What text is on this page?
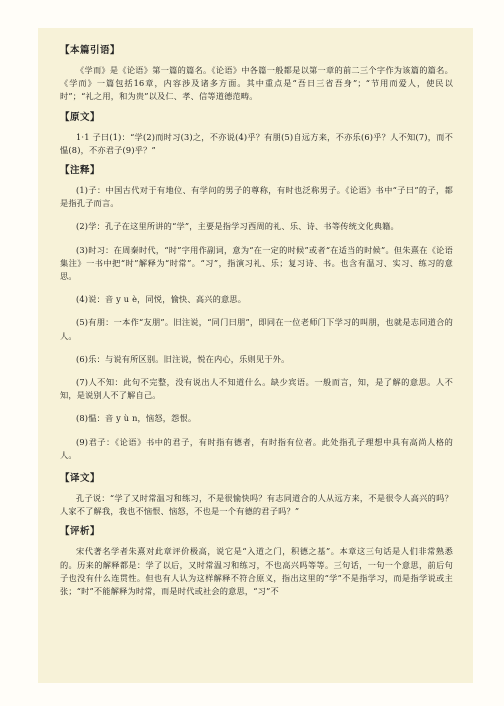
【本篇引语】

《学而》是《论语》第一篇的篇名。《论语》中各篇一般都是以第一章的前二三个字作为该篇的篇名。《学而》一篇包括16章，内容涉及诸多方面。其中重点是“吾日三省吾身”；“节用而爱人，使民以时”；“礼之用，和为贵”以及仁、孝、信等道德范畴。

【原文】

1·1 子曰(1)：“学(2)而时习(3)之，不亦说(4)乎？有朋(5)自远方来，不亦乐(6)乎？人不知(7)，而不愠(8)，不亦君子(9)乎？”

【注释】

(1)子：中国古代对于有地位、有学问的男子的尊称，有时也泛称男子。《论语》书中“子曰”的子，都是指孔子而言。

(2)学：孔子在这里所讲的“学”，主要是指学习西周的礼、乐、诗、书等传统文化典籍。

(3)时习：在周秦时代，“时”字用作副词，意为“在一定的时候”或者“在适当的时候”。但朱熹在《论语集注》一书中把“时”解释为“时常”。“习”，指演习礼、乐；复习诗、书。也含有温习、实习、练习的意思。

(4)说：音 y u è，同悦，愉快、高兴的意思。

(5)有朋：一本作“友朋”。旧注说，“同门曰朋”，即同在一位老师门下学习的叫朋，也就是志同道合的人。

(6)乐：与说有所区别。旧注说，悦在内心，乐则见于外。

(7)人不知：此句不完整，没有说出人不知道什么。缺少宾语。一般而言，知，是了解的意思。人不知，是说别人不了解自己。

(8)愠：音 y ù n，恼怒，怨恨。

(9)君子：《论语》书中的君子，有时指有德者，有时指有位者。此处指孔子理想中具有高尚人格的人。

【译文】

孔子说：“学了又时常温习和练习，不是很愉快吗？有志同道合的人从远方来，不是很令人高兴的吗？人家不了解我，我也不恼恨、恼怒，不也是一个有德的君子吗？”

【评析】

宋代著名学者朱熹对此章评价极高，说它是“入道之门，积德之基”。本章这三句话是人们非常熟悉的。历来的解释都是：学了以后，又时常温习和练习，不也高兴吗等等。三句话，一句一个意思，前后句子也没有什么连贯性。但也有人认为这样解释不符合原义，指出这里的“学”不是指学习，而是指学说或主张；“时”不能解释为时常，而是时代或社会的意思，“习”不
